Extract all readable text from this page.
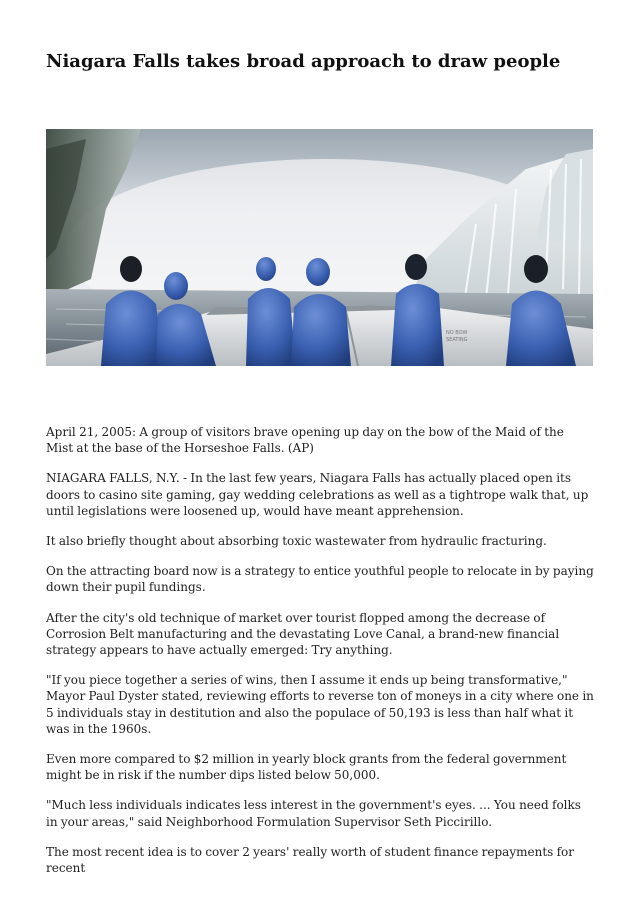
Niagara Falls takes broad approach to draw people
NO BOW
SEATING

April 21, 2005: A group of visitors brave opening up day on the bow of the Maid of the Mist at the base of the Horseshoe Falls. (AP)

NIAGARA FALLS, N.Y. - In the last few years, Niagara Falls has actually placed open its doors to casino site gaming, gay wedding celebrations as well as a tightrope walk that, up until legislations were loosened up, would have meant apprehension.

It also briefly thought about absorbing toxic wastewater from hydraulic fracturing.

On the attracting board now is a strategy to entice youthful people to relocate in by paying down their pupil fundings.

After the city's old technique of market over tourist flopped among the decrease of Corrosion Belt manufacturing and the devastating Love Canal, a brand-new financial strategy appears to have actually emerged: Try anything.

"If you piece together a series of wins, then I assume it ends up being transformative," Mayor Paul Dyster stated, reviewing efforts to reverse ton of moneys in a city where one in 5 individuals stay in destitution and also the populace of 50,193 is less than half what it was in the 1960s.

Even more compared to $2 million in yearly block grants from the federal government might be in risk if the number dips listed below 50,000.

"Much less individuals indicates less interest in the government's eyes. ... You need folks in your areas," said Neighborhood Formulation Supervisor Seth Piccirillo.

The most recent idea is to cover 2 years' really worth of student finance repayments for recent
